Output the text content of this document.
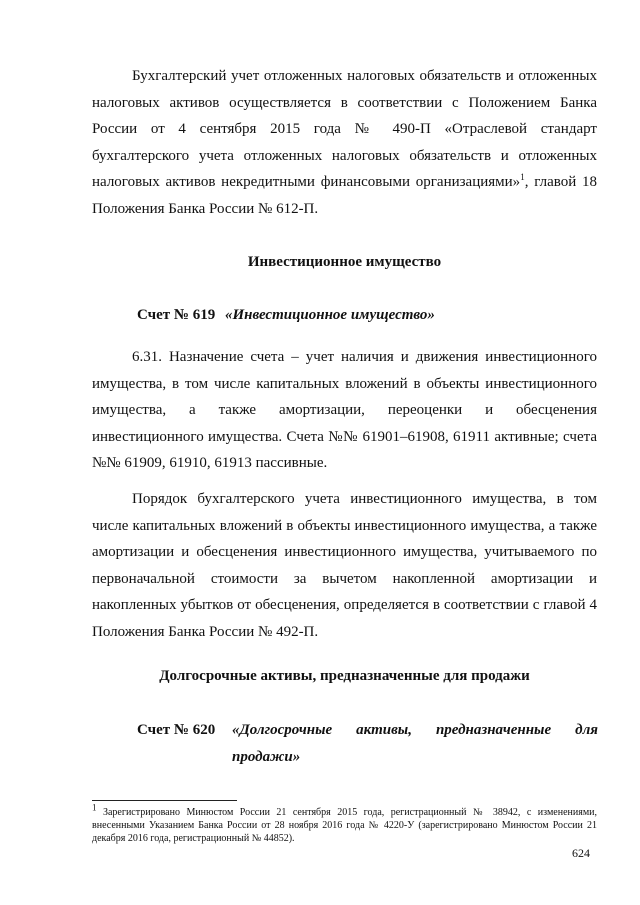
Бухгалтерский учет отложенных налоговых обязательств и отложенных налоговых активов осуществляется в соответствии с Положением Банка России от 4 сентября 2015 года № 490-П «Отраслевой стандарт бухгалтерского учета отложенных налоговых обязательств и отложенных налоговых активов некредитными финансовыми организациями»$^1$, главой 18 Положения Банка России № 612-П.

Инвестиционное имущество

Счет № 619 «Инвестиционное имущество»

6.31. Назначение счета – учет наличия и движения инвестиционного имущества, в том числе капитальных вложений в объекты инвестиционного имущества, а также амортизации, переоценки и обесценения инвестиционного имущества. Счета №№ 61901–61908, 61911 активные; счета №№ 61909, 61910, 61913 пассивные.

Порядок бухгалтерского учета инвестиционного имущества, в том числе капитальных вложений в объекты инвестиционного имущества, а также амортизации и обесценения инвестиционного имущества, учитываемого по первоначальной стоимости за вычетом накопленной амортизации и накопленных убытков от обесценения, определяется в соответствии с главой 4 Положения Банка России № 492-П.

Долгосрочные активы, предназначенные для продажи

Счет № 620 «Долгосрочные активы, предназначенные для
продажи»

$^1$ Зарегистрировано Минюстом России 21 сентября 2015 года, регистрационный № 38942, с изменениями, внесенными Указанием Банка России от 28 ноября 2016 года № 4220-У (зарегистрировано Минюстом России 21 декабря 2016 года, регистрационный № 44852).

624
